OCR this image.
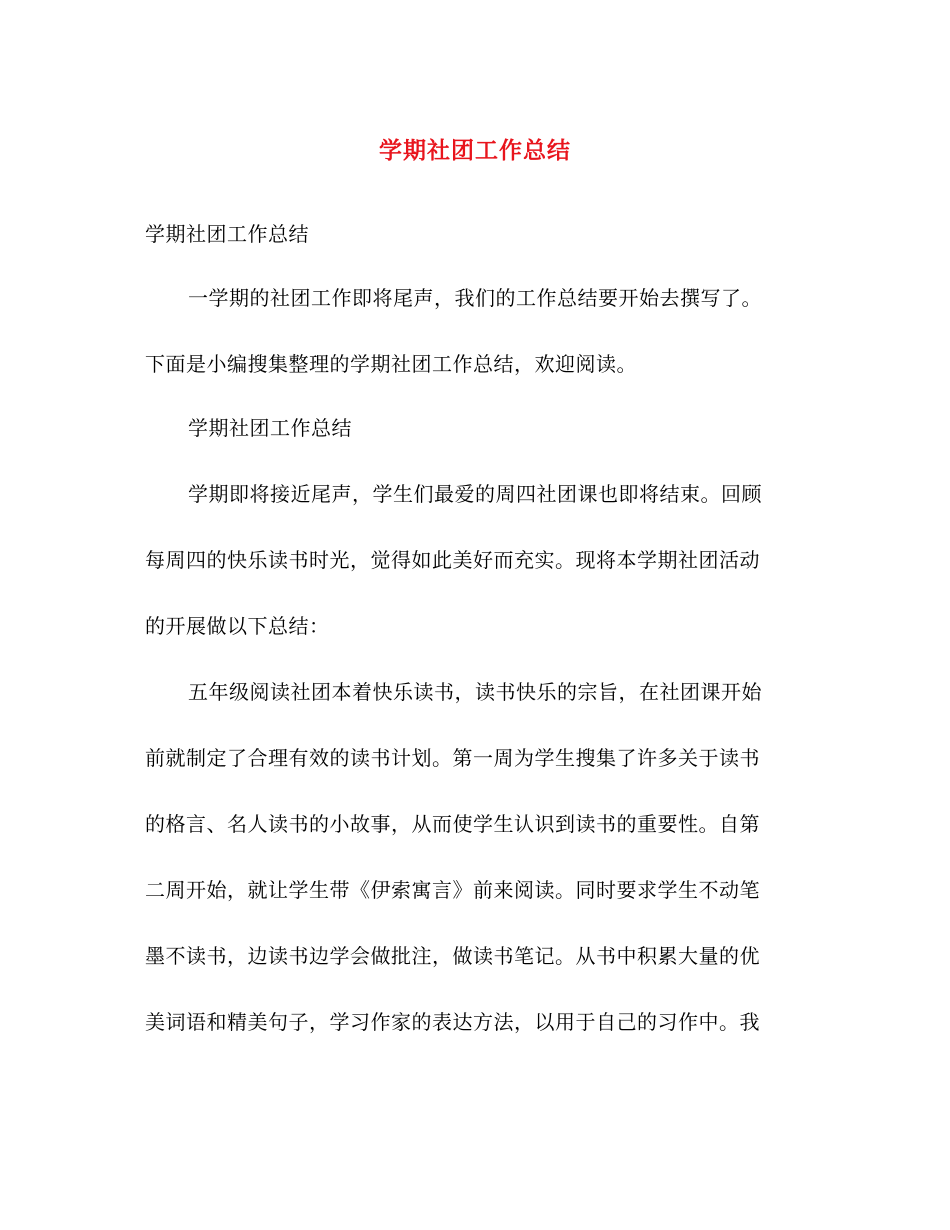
学期社团工作总结
学期社团工作总结
一学期的社团工作即将尾声，我们的工作总结要开始去撰写了。
下面是小编搜集整理的学期社团工作总结，欢迎阅读。
学期社团工作总结
学期即将接近尾声，学生们最爱的周四社团课也即将结束。回顾
每周四的快乐读书时光，觉得如此美好而充实。现将本学期社团活动
的开展做以下总结：
五年级阅读社团本着快乐读书，读书快乐的宗旨，在社团课开始
前就制定了合理有效的读书计划。第一周为学生搜集了许多关于读书
的格言、名人读书的小故事，从而使学生认识到读书的重要性。自第
二周开始，就让学生带《伊索寓言》前来阅读。同时要求学生不动笔
墨不读书，边读书边学会做批注，做读书笔记。从书中积累大量的优
美词语和精美句子，学习作家的表达方法，以用于自己的习作中。我
